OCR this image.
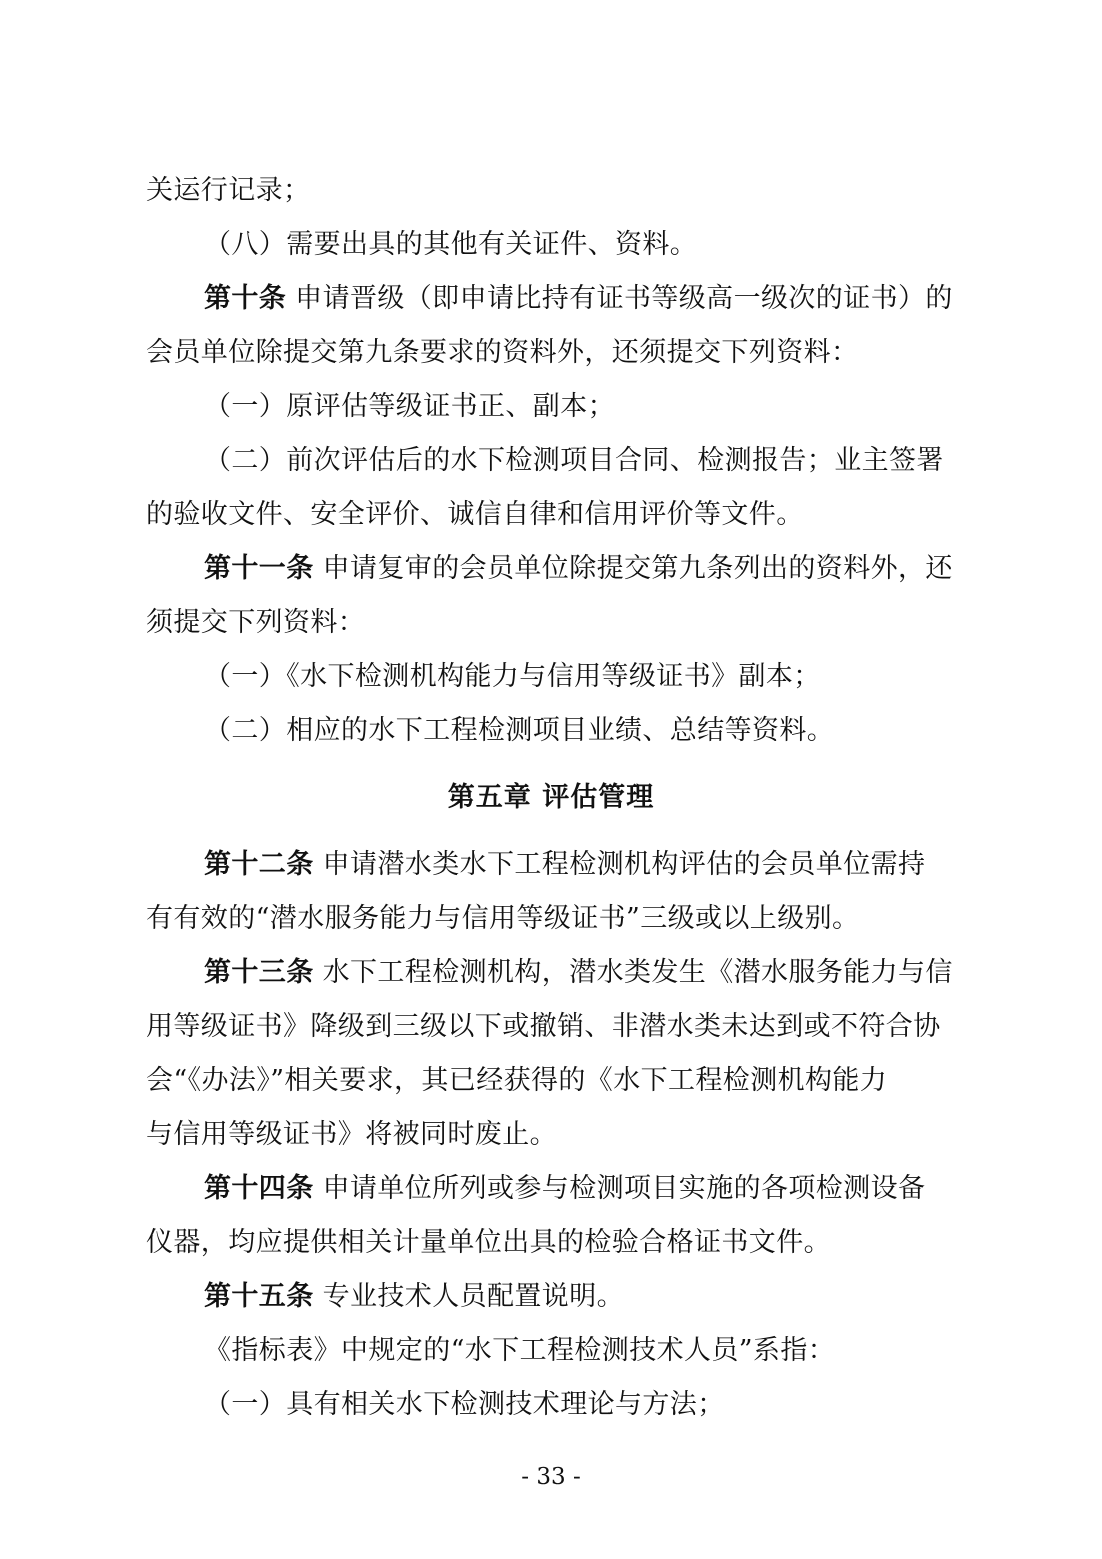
关运行记录；
（八）需要出具的其他有关证件、资料。
第十条 申请晋级（即申请比持有证书等级高一级次的证书）的
会员单位除提交第九条要求的资料外，还须提交下列资料：
（一）原评估等级证书正、副本；
（二）前次评估后的水下检测项目合同、检测报告；业主签署
的验收文件、安全评价、诚信自律和信用评价等文件。
第十一条 申请复审的会员单位除提交第九条列出的资料外，还
须提交下列资料：
（一）《水下检测机构能力与信用等级证书》副本；
（二）相应的水下工程检测项目业绩、总结等资料。
第五章 评估管理
第十二条 申请潜水类水下工程检测机构评估的会员单位需持
有有效的“潜水服务能力与信用等级证书”三级或以上级别。
第十三条 水下工程检测机构，潜水类发生《潜水服务能力与信
用等级证书》降级到三级以下或撤销、非潜水类未达到或不符合协
会“《办法》”相关要求，其已经获得的《水下工程检测机构能力
与信用等级证书》将被同时废止。
第十四条 申请单位所列或参与检测项目实施的各项检测设备
仪器，均应提供相关计量单位出具的检验合格证书文件。
第十五条 专业技术人员配置说明。
《指标表》中规定的“水下工程检测技术人员”系指：
（一）具有相关水下检测技术理论与方法；
- 33 -
